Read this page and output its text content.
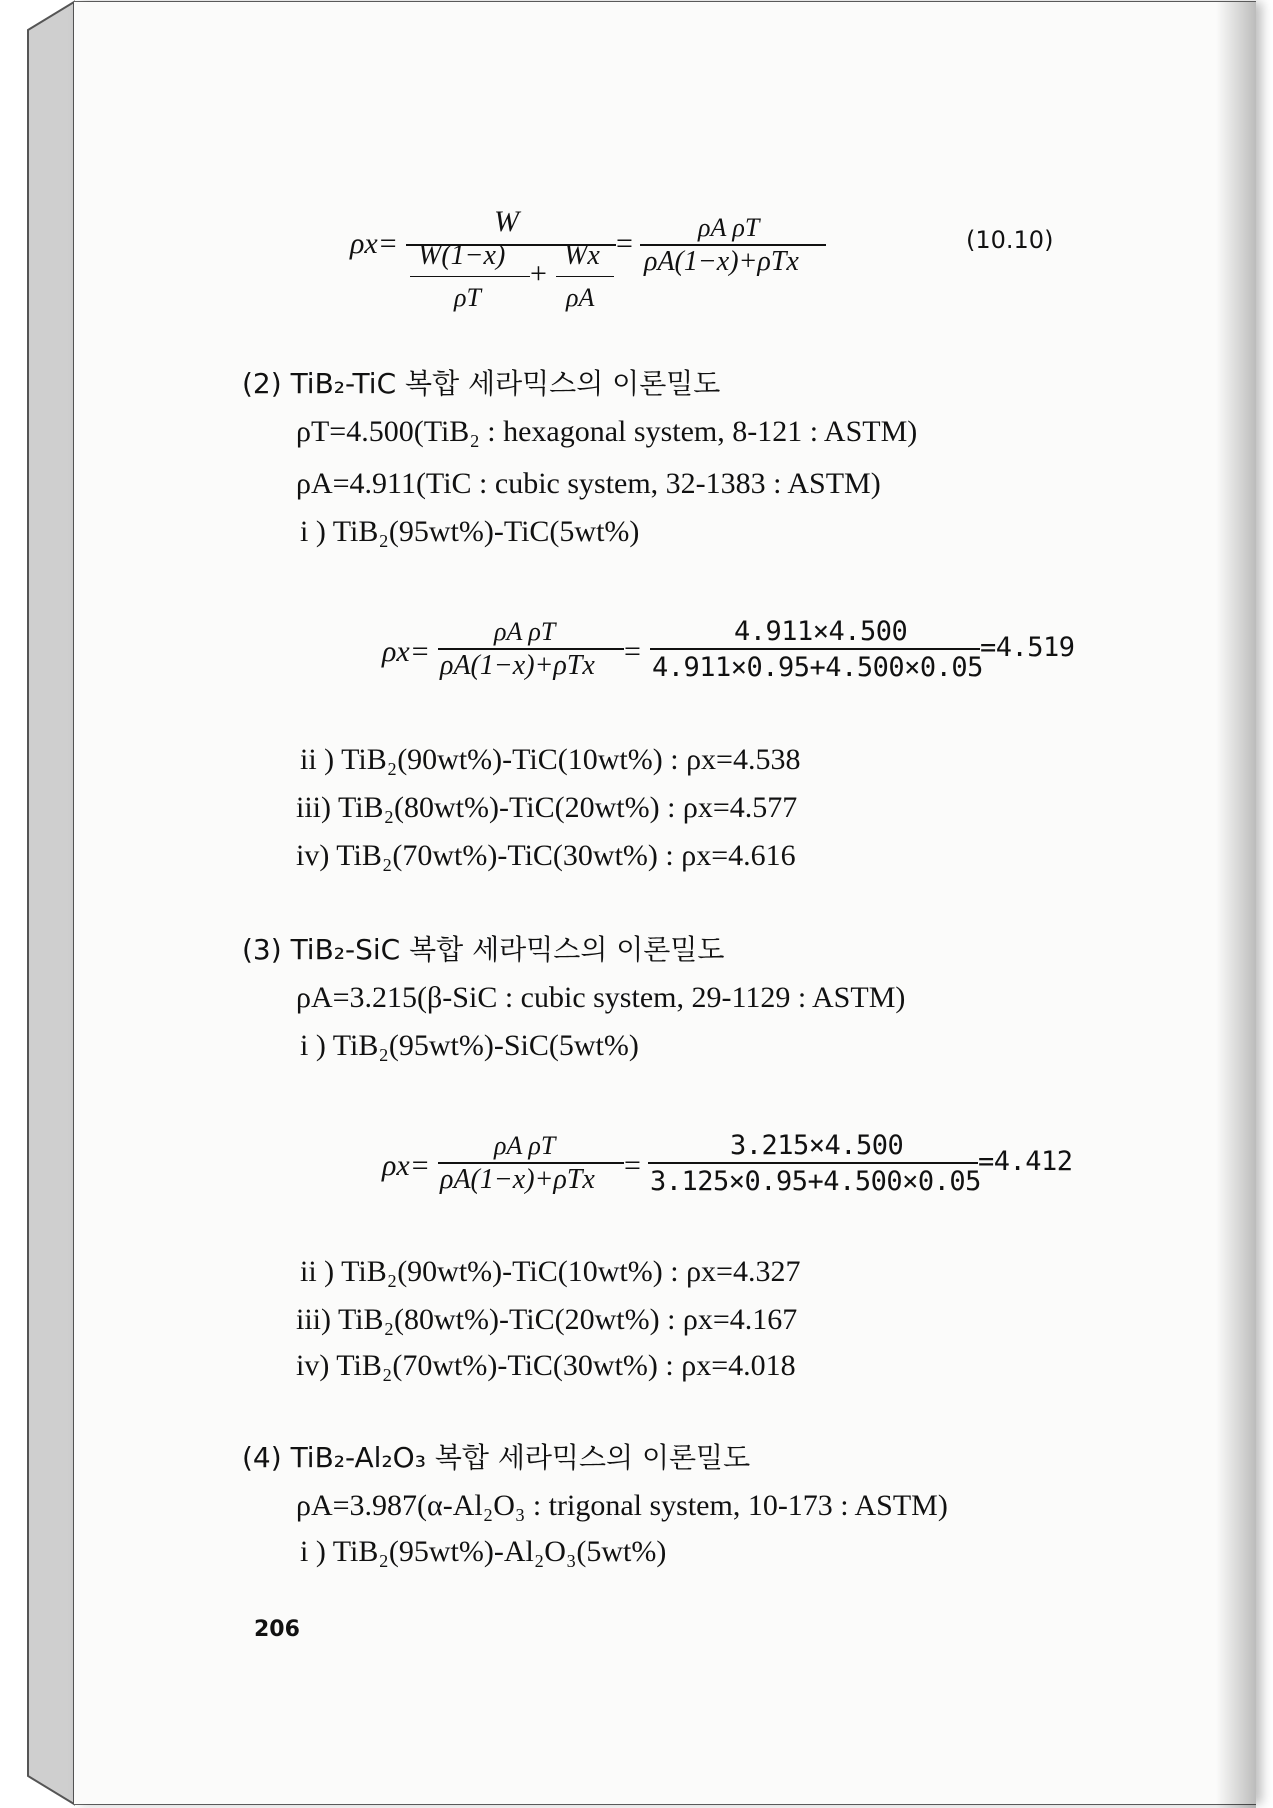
ρx=
W
W(1−x)
ρT
+
Wx
ρA
=	ρA ρT
ρA(1−x)+ρTx
(10.10)
(2) TiB₂-TiC 복합 세라믹스의 이론밀도
ρT=4.500(TiB₂ : hexagonal system, 8-121 : ASTM)
ρA=4.911(TiC : cubic system, 32-1383 : ASTM)
i ) TiB₂(95wt%)-TiC(5wt%)
ρx=
ρA ρT
ρA(1−x)+ρTx =
4.911×4.500
4.911×0.95+4.500×0.05
=4.519
ii ) TiB₂(90wt%)-TiC(10wt%) : ρx=4.538
iii) TiB₂(80wt%)-TiC(20wt%) : ρx=4.577
iv) TiB₂(70wt%)-TiC(30wt%) : ρx=4.616
(3) TiB₂-SiC 복합 세라믹스의 이론밀도
ρA=3.215(β-SiC : cubic system, 29-1129 : ASTM)
i ) TiB₂(95wt%)-SiC(5wt%)
ρx=
ρA ρT
ρA(1−x)+ρTx =
3.215×4.500
3.125×0.95+4.500×0.05
=4.412
ii ) TiB₂(90wt%)-TiC(10wt%) : ρx=4.327
iii) TiB₂(80wt%)-TiC(20wt%) : ρx=4.167
iv) TiB₂(70wt%)-TiC(30wt%) : ρx=4.018
(4) TiB₂-Al₂O₃ 복합 세라믹스의 이론밀도
ρA=3.987(α-Al₂O₃ : trigonal system, 10-173 : ASTM)
i ) TiB₂(95wt%)-Al₂O₃(5wt%)
206
